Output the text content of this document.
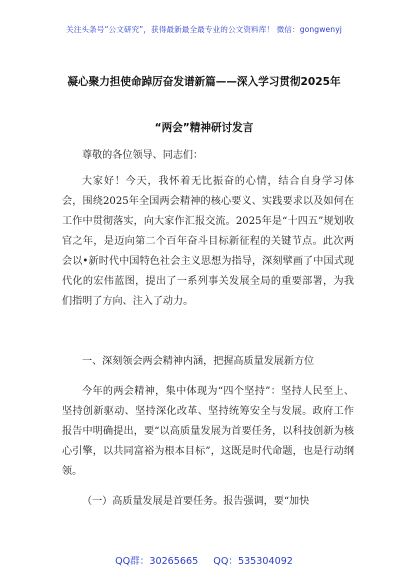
关注头条号“公文研究”，获得最新最全最专业的公文资料库！ 微信：gongwenyj
凝心聚力担使命踔厉奋发谱新篇——深入学习贯彻2025年
“两会”精神研讨发言
尊敬的各位领导、同志们：

大家好！今天，我怀着无比振奋的心情，结合自身学习体会，围绕2025年全国两会精神的核心要义、实践要求以及如何在工作中贯彻落实，向大家作汇报交流。2025年是“十四五”规划收官之年，是迈向第二个百年奋斗目标新征程的关键节点。此次两会以•新时代中国特色社会主义思想为指导，深刻擘画了中国式现代化的宏伟蓝图，提出了一系列事关发展全局的重要部署，为我们指明了方向、注入了动力。

一、深刻领会两会精神内涵，把握高质量发展新方位

今年的两会精神，集中体现为“四个坚持”：坚持人民至上、坚持创新驱动、坚持深化改革、坚持统筹安全与发展。政府工作报告中明确提出，要“以高质量发展为首要任务，以科技创新为核心引擎，以共同富裕为根本目标”，这既是时代命题，也是行动纲领。

（一）高质量发展是首要任务。报告强调，要“加快

QQ群：30265665 QQ：535304092
